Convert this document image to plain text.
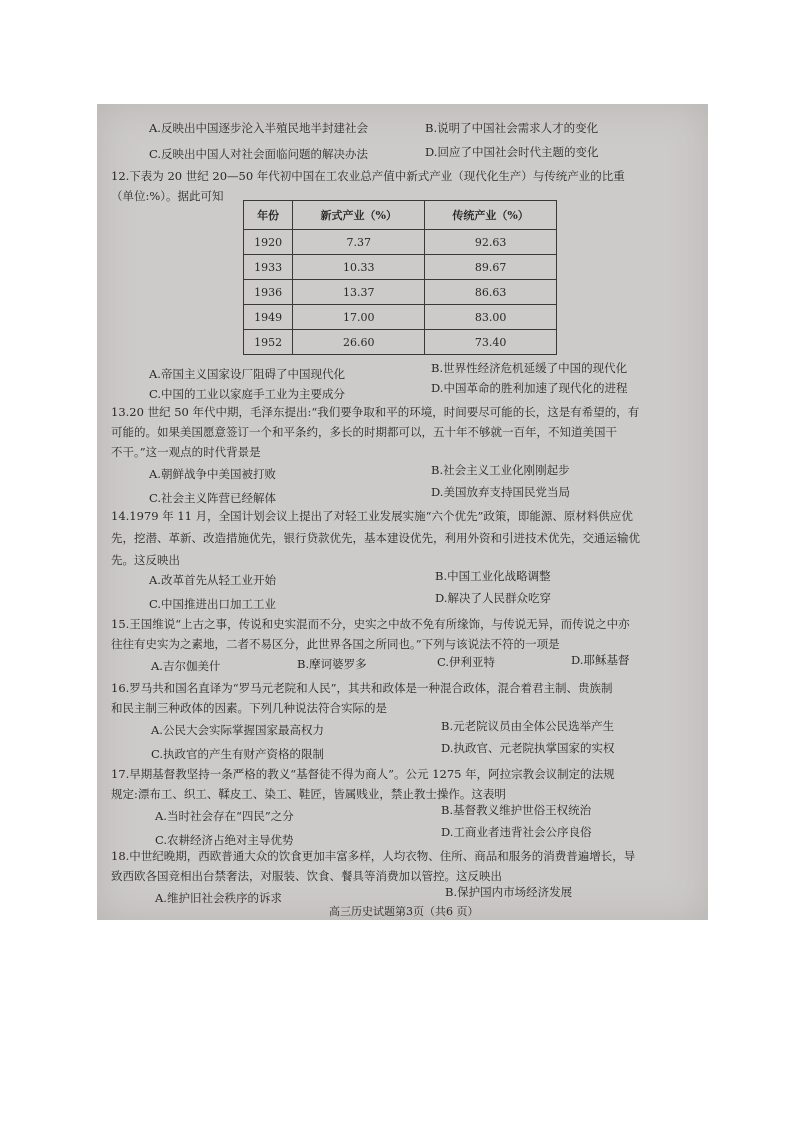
A.反映出中国逐步沦入半殖民地半封建社会	B.说明了中国社会需求人才的变化
C.反映出中国人对社会面临问题的解决办法	D.回应了中国社会时代主题的变化
12.下表为 20 世纪 20—50 年代初中国在工农业总产值中新式产业（现代化生产）与传统产业的比重
（单位:%）。据此可知
年份	新式产业（%）	传统产业（%）
1920	7.37	92.63
1933	10.33	89.67
1936	13.37	86.63
1949	17.00	83.00
1952	26.60	73.40
A.帝国主义国家设厂阻碍了中国现代化	B.世界性经济危机延缓了中国的现代化
C.中国的工业以家庭手工业为主要成分	D.中国革命的胜利加速了现代化的进程
13.20 世纪 50 年代中期，毛泽东提出:“我们要争取和平的环境，时间要尽可能的长，这是有希望的，有
可能的。如果美国愿意签订一个和平条约，多长的时期都可以，五十年不够就一百年，不知道美国干
不干。”这一观点的时代背景是
A.朝鲜战争中美国被打败	B.社会主义工业化刚刚起步
C.社会主义阵营已经解体	D.美国放弃支持国民党当局
14.1979 年 11 月，全国计划会议上提出了对轻工业发展实施“六个优先”政策，即能源、原材料供应优
先，挖潜、革新、改造措施优先，银行贷款优先，基本建设优先，利用外资和引进技术优先，交通运输优
先。这反映出
A.改革首先从轻工业开始	B.中国工业化战略调整
C.中国推进出口加工工业	D.解决了人民群众吃穿
15.王国维说“上古之事，传说和史实混而不分，史实之中故不免有所缘饰，与传说无异，而传说之中亦
往往有史实为之素地，二者不易区分，此世界各国之所同也。”下列与该说法不符的一项是
A.吉尔伽美什	B.摩诃婆罗多	C.伊利亚特	D.耶稣基督
16.罗马共和国名直译为“罗马元老院和人民”，其共和政体是一种混合政体，混合着君主制、贵族制
和民主制三种政体的因素。下列几种说法符合实际的是
A.公民大会实际掌握国家最高权力	B.元老院议员由全体公民选举产生
C.执政官的产生有财产资格的限制	D.执政官、元老院执掌国家的实权
17.早期基督教坚持一条严格的教义“基督徒不得为商人”。公元 1275 年，阿拉宗教会议制定的法规
规定:漂布工、织工、鞣皮工、染工、鞋匠，皆属贱业，禁止教士操作。这表明
A.当时社会存在“四民”之分	B.基督教义维护世俗王权统治
C.农耕经济占绝对主导优势
D.工商业者违背社会公序良俗
18.中世纪晚期，西欧普通大众的饮食更加丰富多样，人均衣物、住所、商品和服务的消费普遍增长，导
致西欧各国竞相出台禁奢法，对服装、饮食、餐具等消费加以管控。这反映出
A.维护旧社会秩序的诉求	B.保护国内市场经济发展
高三历史试题第3页（共6 页）
